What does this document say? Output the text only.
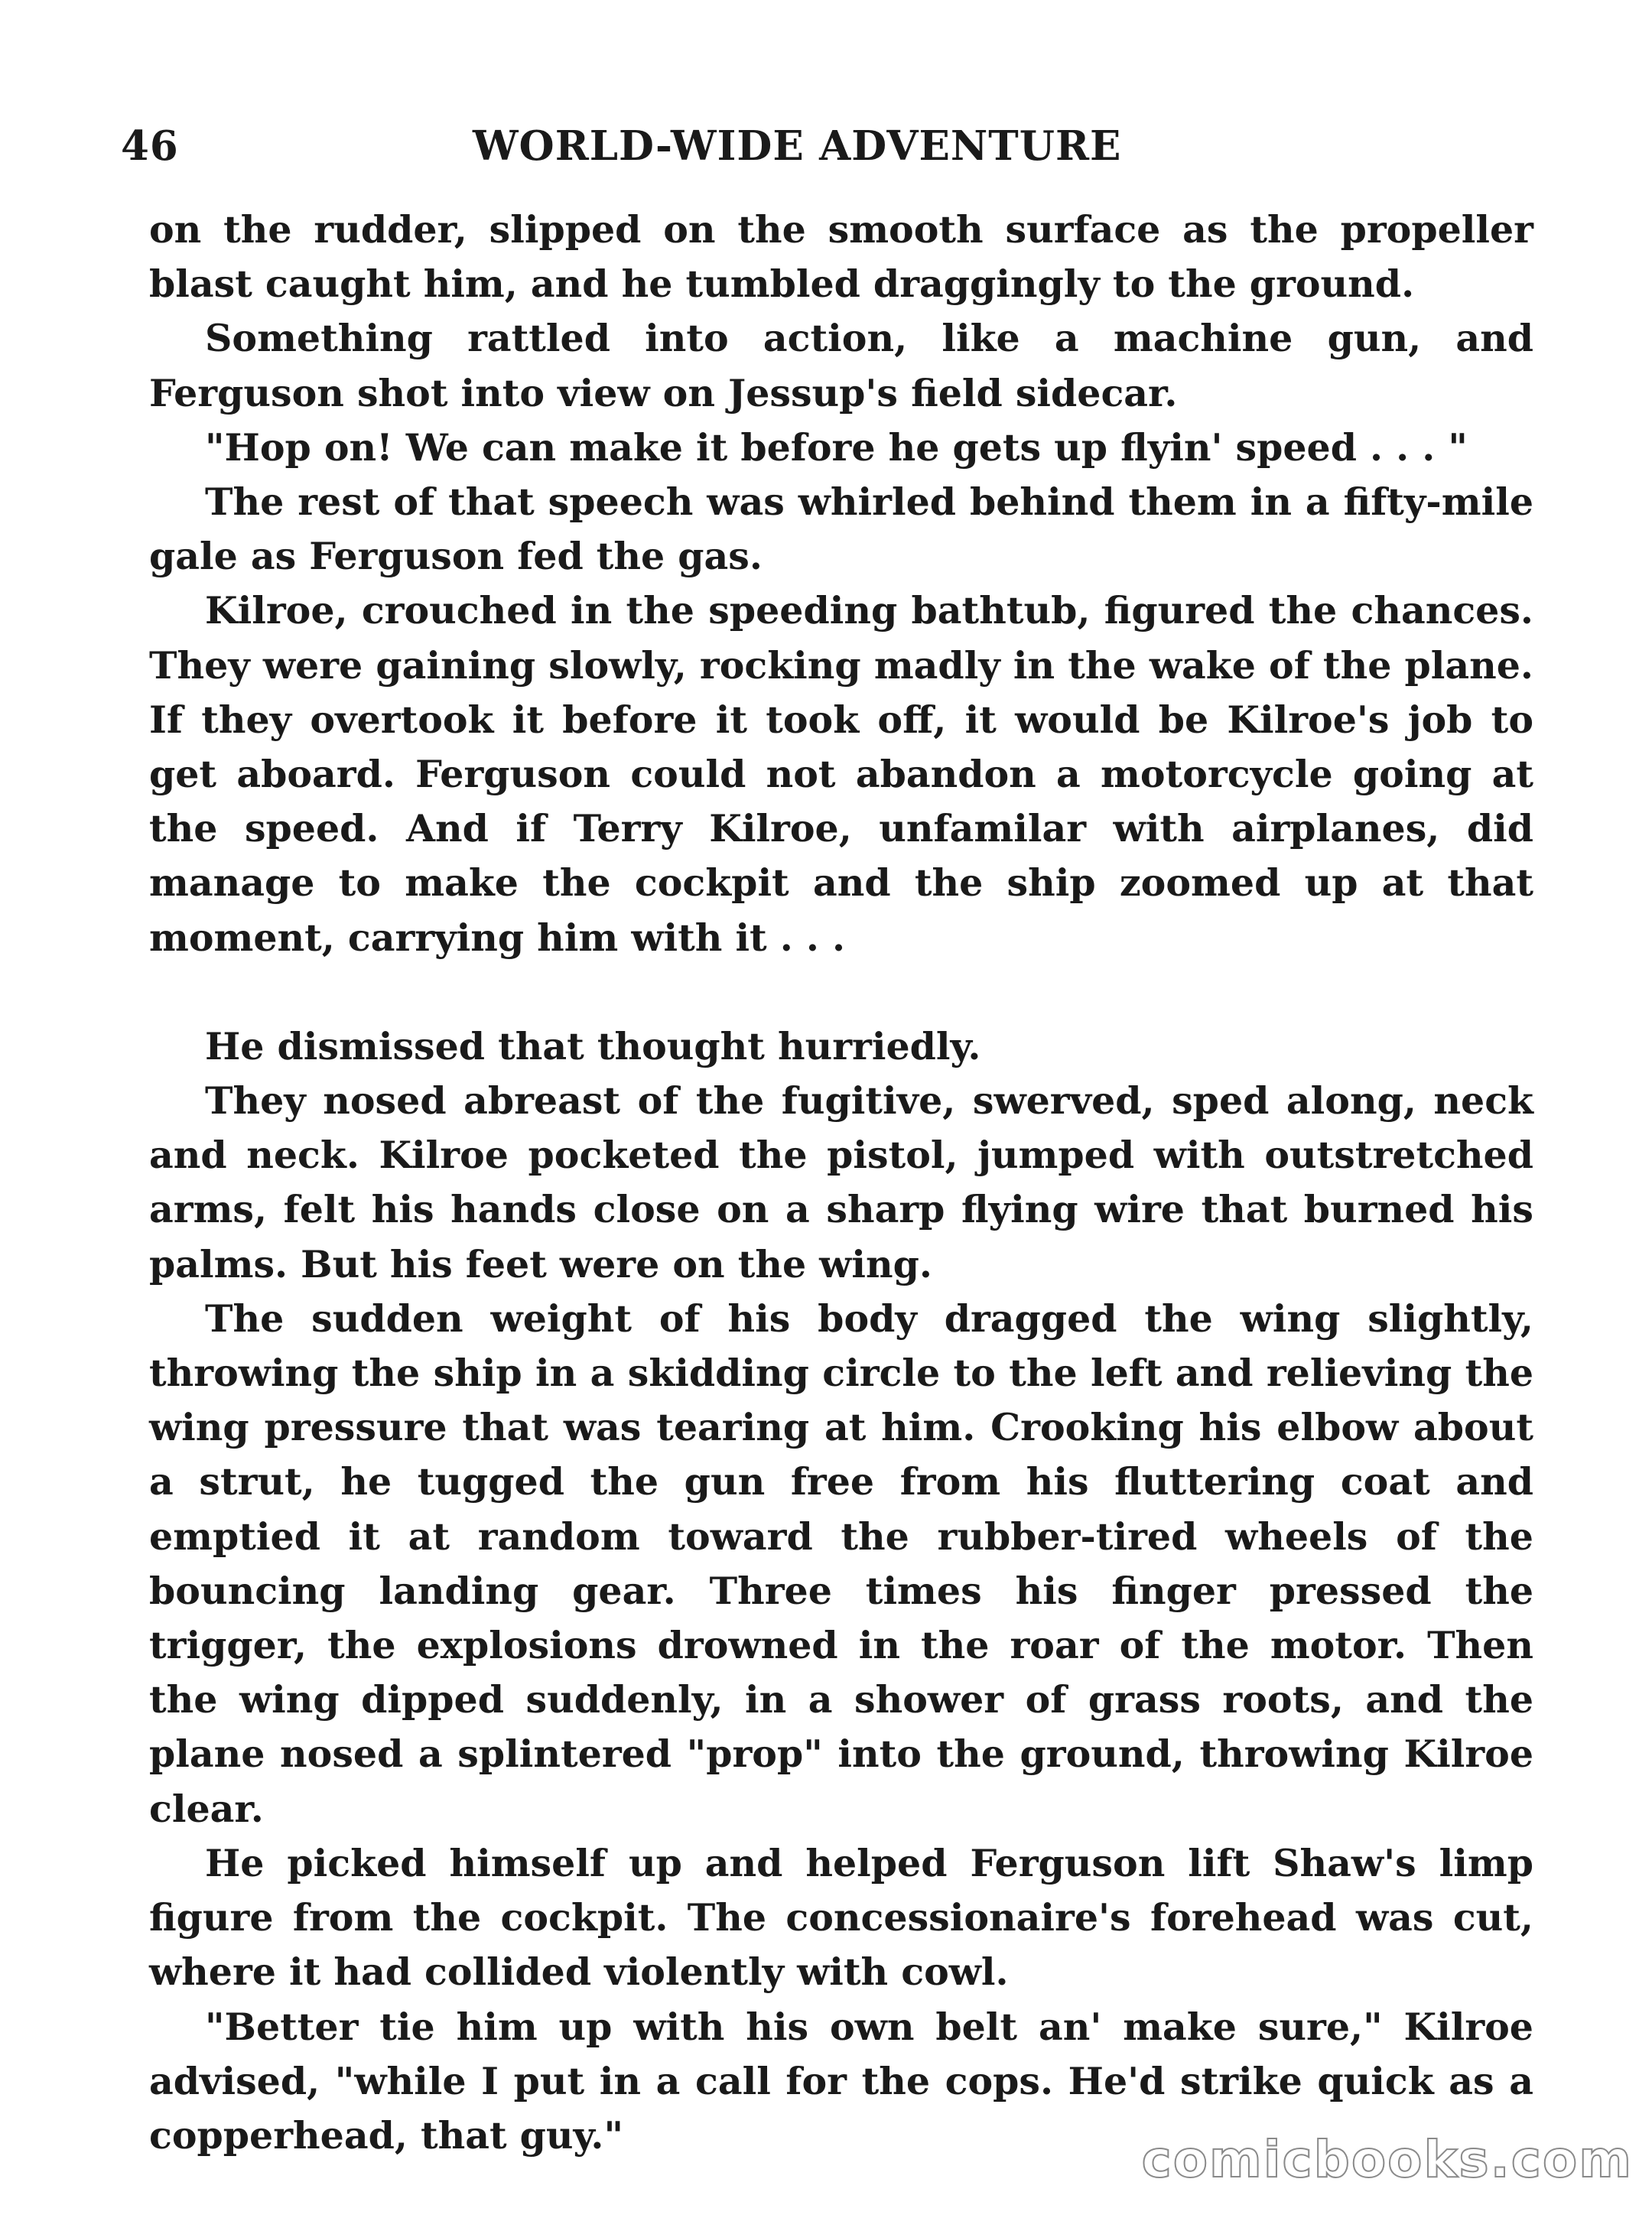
46	WORLD-WIDE ADVENTURE

on the rudder, slipped on the smooth surface as the propeller blast caught him, and he tumbled draggingly to the ground.

Something rattled into action, like a machine gun, and Ferguson shot into view on Jessup's field sidecar.

"Hop on! We can make it before he gets up flyin' speed . . . "

The rest of that speech was whirled behind them in a fifty-mile gale as Ferguson fed the gas.

Kilroe, crouched in the speeding bathtub, figured the chances. They were gaining slowly, rocking madly in the wake of the plane. If they overtook it before it took off, it would be Kilroe's job to get aboard. Ferguson could not abandon a motorcycle going at the speed. And if Terry Kilroe, unfamilar with airplanes, did manage to make the cockpit and the ship zoomed up at that moment, carrying him with it . . .

He dismissed that thought hurriedly.

They nosed abreast of the fugitive, swerved, sped along, neck and neck. Kilroe pocketed the pistol, jumped with outstretched arms, felt his hands close on a sharp flying wire that burned his palms. But his feet were on the wing.

The sudden weight of his body dragged the wing slightly, throwing the ship in a skidding circle to the left and relieving the wing pressure that was tearing at him. Crooking his elbow about a strut, he tugged the gun free from his fluttering coat and emptied it at random toward the rubber-tired wheels of the bouncing landing gear. Three times his finger pressed the trigger, the explosions drowned in the roar of the motor. Then the wing dipped suddenly, in a shower of grass roots, and the plane nosed a splintered "prop" into the ground, throwing Kilroe clear.

He picked himself up and helped Ferguson lift Shaw's limp figure from the cockpit. The concessionaire's forehead was cut, where it had collided violently with cowl.

"Better tie him up with his own belt an' make sure," Kilroe advised, "while I put in a call for the cops. He'd strike quick as a copperhead, that guy."	comicbooks.com
